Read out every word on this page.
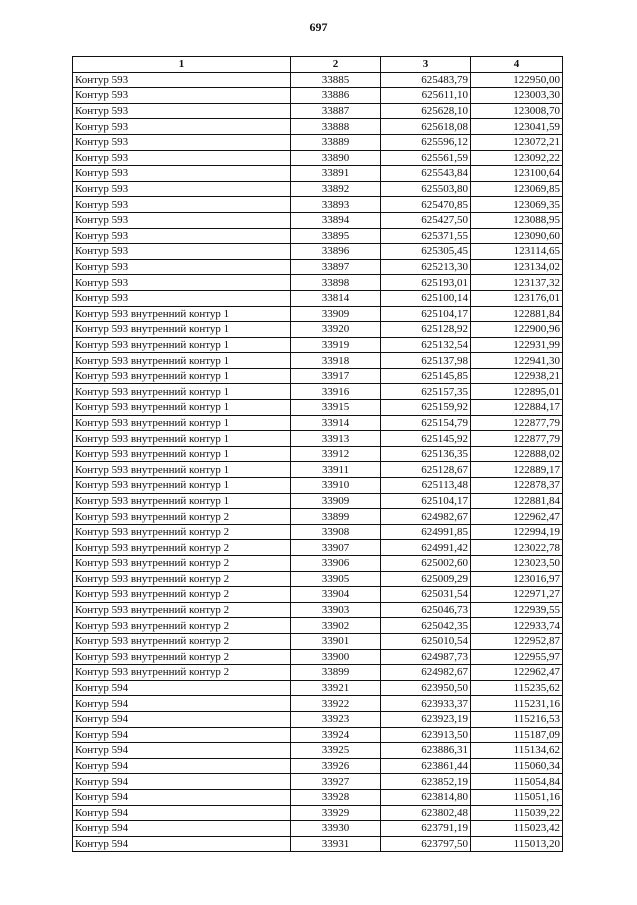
697
1	2	3	4
Контур 593	33885	625483,79	122950,00
Контур 593	33886	625611,10	123003,30
Контур 593	33887	625628,10	123008,70
Контур 593	33888	625618,08	123041,59
Контур 593	33889	625596,12	123072,21
Контур 593	33890	625561,59	123092,22
Контур 593	33891	625543,84	123100,64
Контур 593	33892	625503,80	123069,85
Контур 593	33893	625470,85	123069,35
Контур 593	33894	625427,50	123088,95
Контур 593	33895	625371,55	123090,60
Контур 593	33896	625305,45	123114,65
Контур 593	33897	625213,30	123134,02
Контур 593	33898	625193,01	123137,32
Контур 593	33814	625100,14	123176,01
Контур 593 внутренний контур 1	33909	625104,17	122881,84
Контур 593 внутренний контур 1	33920	625128,92	122900,96
Контур 593 внутренний контур 1	33919	625132,54	122931,99
Контур 593 внутренний контур 1	33918	625137,98	122941,30
Контур 593 внутренний контур 1	33917	625145,85	122938,21
Контур 593 внутренний контур 1	33916	625157,35	122895,01
Контур 593 внутренний контур 1	33915	625159,92	122884,17
Контур 593 внутренний контур 1	33914	625154,79	122877,79
Контур 593 внутренний контур 1	33913	625145,92	122877,79
Контур 593 внутренний контур 1	33912	625136,35	122888,02
Контур 593 внутренний контур 1	33911	625128,67	122889,17
Контур 593 внутренний контур 1	33910	625113,48	122878,37
Контур 593 внутренний контур 1	33909	625104,17	122881,84
Контур 593 внутренний контур 2	33899	624982,67	122962,47
Контур 593 внутренний контур 2	33908	624991,85	122994,19
Контур 593 внутренний контур 2	33907	624991,42	123022,78
Контур 593 внутренний контур 2	33906	625002,60	123023,50
Контур 593 внутренний контур 2	33905	625009,29	123016,97
Контур 593 внутренний контур 2	33904	625031,54	122971,27
Контур 593 внутренний контур 2	33903	625046,73	122939,55
Контур 593 внутренний контур 2	33902	625042,35	122933,74
Контур 593 внутренний контур 2	33901	625010,54	122952,87
Контур 593 внутренний контур 2	33900	624987,73	122955,97
Контур 593 внутренний контур 2	33899	624982,67	122962,47
Контур 594	33921	623950,50	115235,62
Контур 594	33922	623933,37	115231,16
Контур 594	33923	623923,19	115216,53
Контур 594	33924	623913,50	115187,09
Контур 594	33925	623886,31	115134,62
Контур 594	33926	623861,44	115060,34
Контур 594	33927	623852,19	115054,84
Контур 594	33928	623814,80	115051,16
Контур 594	33929	623802,48	115039,22
Контур 594	33930	623791,19	115023,42
Контур 594	33931	623797,50	115013,20
